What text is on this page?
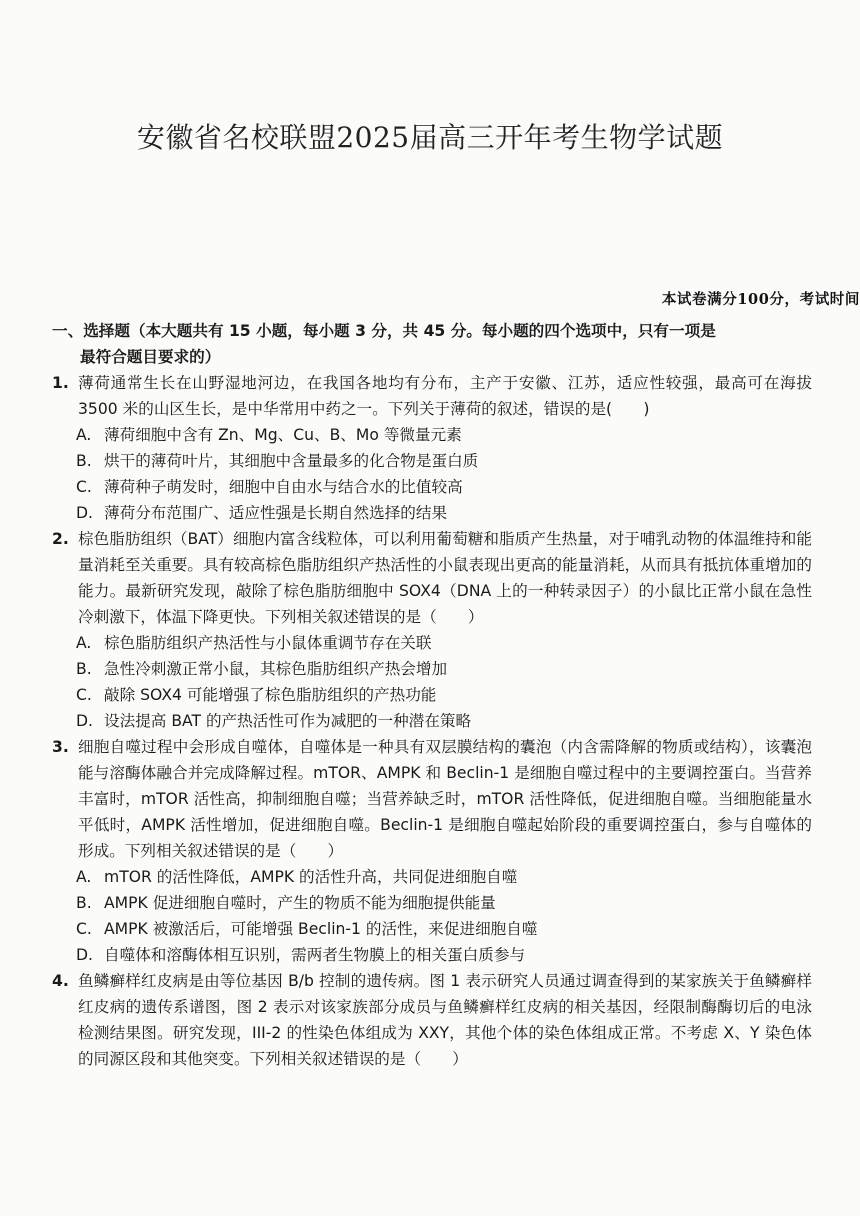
安徽省名校联盟2025届高三开年考生物学试题
本试卷满分100分，考试时间
一、选择题（本大题共有 15 小题，每小题 3 分，共 45 分。每小题的四个选项中，只有一项是
最符合题目要求的）
1. 薄荷通常生长在山野湿地河边，在我国各地均有分布，主产于安徽、江苏，适应性较强，最高可在海拔 3500 米的山区生长，是中华常用中药之一。下列关于薄荷的叙述，错误的是(　　)
A. 薄荷细胞中含有 Zn、Mg、Cu、B、Mo 等微量元素
B. 烘干的薄荷叶片，其细胞中含量最多的化合物是蛋白质
C. 薄荷种子萌发时，细胞中自由水与结合水的比值较高
D. 薄荷分布范围广、适应性强是长期自然选择的结果
2. 棕色脂肪组织（BAT）细胞内富含线粒体，可以利用葡萄糖和脂质产生热量，对于哺乳动物的体温维持和能量消耗至关重要。具有较高棕色脂肪组织产热活性的小鼠表现出更高的能量消耗，从而具有抵抗体重增加的能力。最新研究发现，敲除了棕色脂肪细胞中 SOX4（DNA 上的一种转录因子）的小鼠比正常小鼠在急性冷刺激下，体温下降更快。下列相关叙述错误的是（　　）
A. 棕色脂肪组织产热活性与小鼠体重调节存在关联
B. 急性冷刺激正常小鼠，其棕色脂肪组织产热会增加
C. 敲除 SOX4 可能增强了棕色脂肪组织的产热功能
D. 设法提高 BAT 的产热活性可作为减肥的一种潜在策略
3. 细胞自噬过程中会形成自噬体，自噬体是一种具有双层膜结构的囊泡（内含需降解的物质或结构），该囊泡能与溶酶体融合并完成降解过程。mTOR、AMPK 和 Beclin-1 是细胞自噬过程中的主要调控蛋白。当营养丰富时，mTOR 活性高，抑制细胞自噬；当营养缺乏时，mTOR 活性降低，促进细胞自噬。当细胞能量水平低时，AMPK 活性增加，促进细胞自噬。Beclin-1 是细胞自噬起始阶段的重要调控蛋白，参与自噬体的形成。下列相关叙述错误的是（　　）
A. mTOR 的活性降低，AMPK 的活性升高，共同促进细胞自噬
B. AMPK 促进细胞自噬时，产生的物质不能为细胞提供能量
C. AMPK 被激活后，可能增强 Beclin-1 的活性，来促进细胞自噬
D. 自噬体和溶酶体相互识别，需两者生物膜上的相关蛋白质参与
4. 鱼鳞癣样红皮病是由等位基因 B/b 控制的遗传病。图 1 表示研究人员通过调查得到的某家族关于鱼鳞癣样红皮病的遗传系谱图，图 2 表示对该家族部分成员与鱼鳞癣样红皮病的相关基因，经限制酶酶切后的电泳检测结果图。研究发现，III-2 的性染色体组成为 XXY，其他个体的染色体组成正常。不考虑 X、Y 染色体的同源区段和其他突变。下列相关叙述错误的是（　　）
